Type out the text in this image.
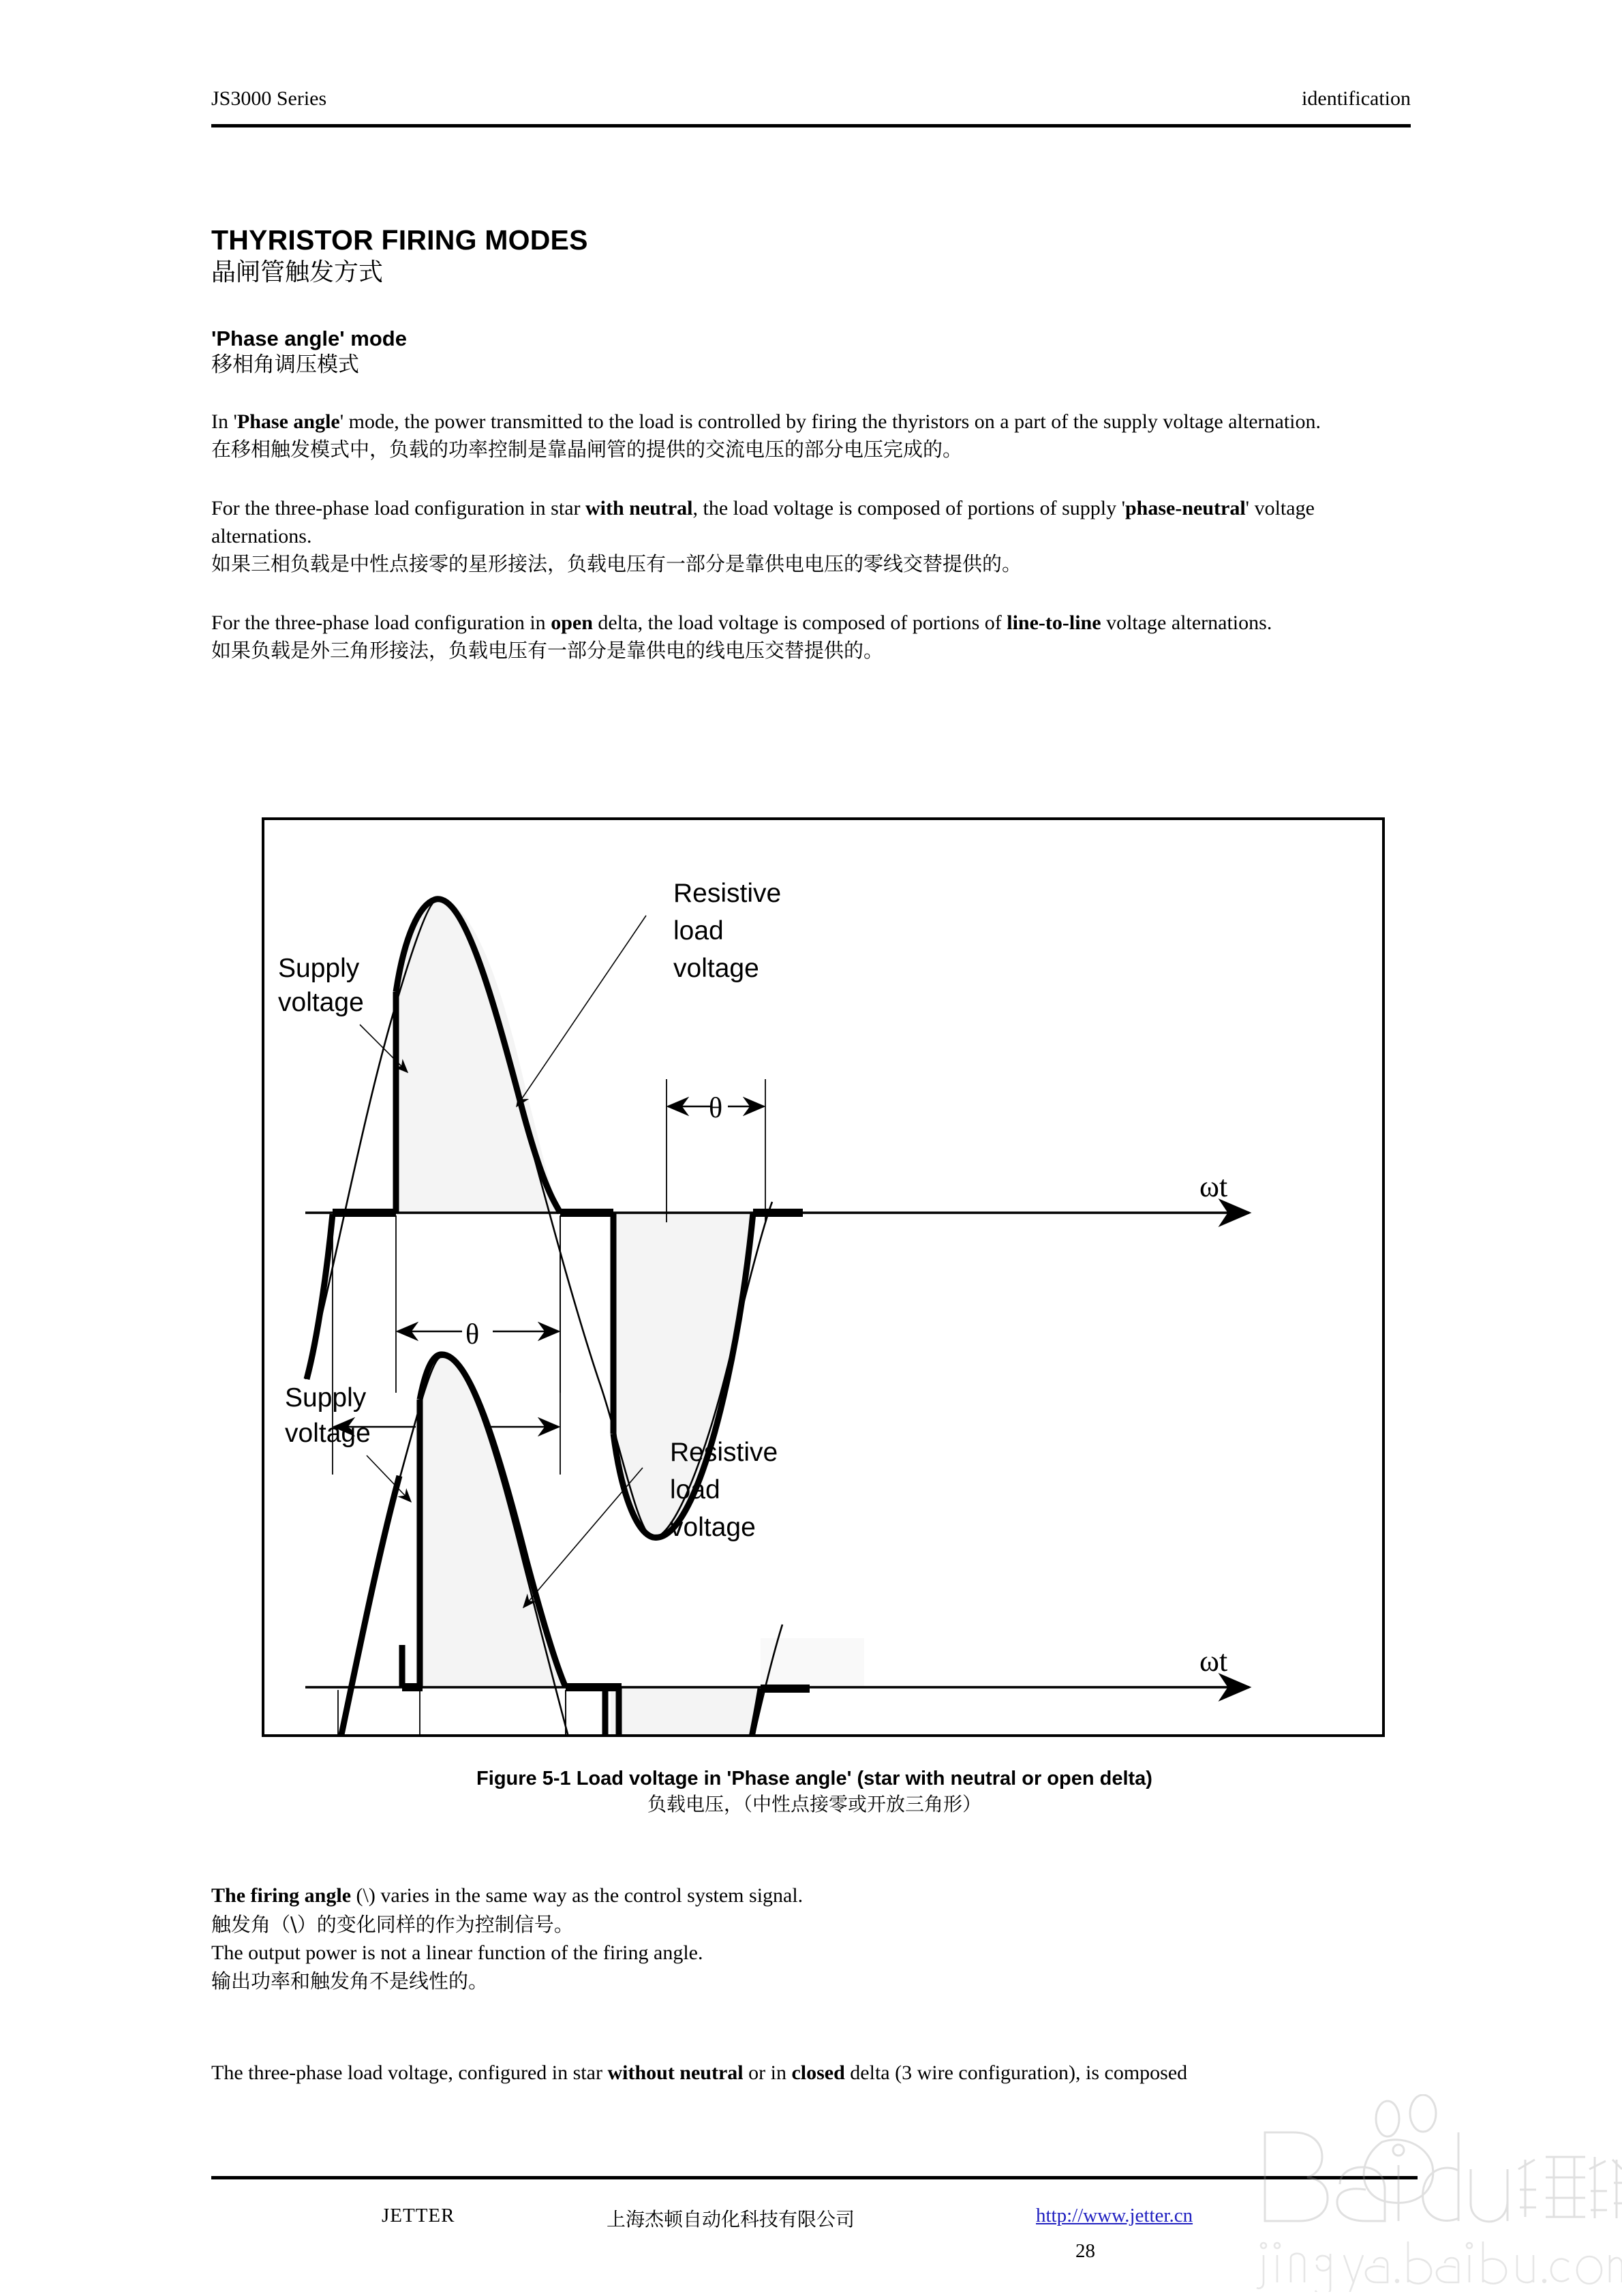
JS3000 Series	identification
THYRISTOR FIRING MODES
晶闸管触发方式
'Phase angle' mode
移相角调压模式

In 'Phase angle' mode, the power transmitted to the load is controlled by firing the thyristors on a part of the supply voltage alternation.
在移相触发模式中，负载的功率控制是靠晶闸管的提供的交流电压的部分电压完成的。

For the three-phase load configuration in star with neutral, the load voltage is composed of portions of supply 'phase-neutral' voltage alternations.
如果三相负载是中性点接零的星形接法，负载电压有一部分是靠供电电压的零线交替提供的。

For the three-phase load configuration in open delta, the load voltage is composed of portions of line-to-line voltage alternations.
如果负载是外三角形接法，负载电压有一部分是靠供电的线电压交替提供的。

ωt
Supply
voltage
Resistive
load
voltage
θ
θ
ωt
Supply
voltage
Resistive
load
voltage

Figure 5-1 Load voltage in 'Phase angle' (star with neutral or open delta)

负载电压，（中性点接零或开放三角形）

The firing angle (\) varies in the same way as the control system signal.

触发角（\）的变化同样的作为控制信号。

The output power is not a linear function of the firing angle.

输出功率和触发角不是线性的。

The three-phase load voltage, configured in star without neutral or in closed delta (3 wire configuration), is composed
JETTER	上海杰顿自动化科技有限公司	http://www.jetter.cn
28
